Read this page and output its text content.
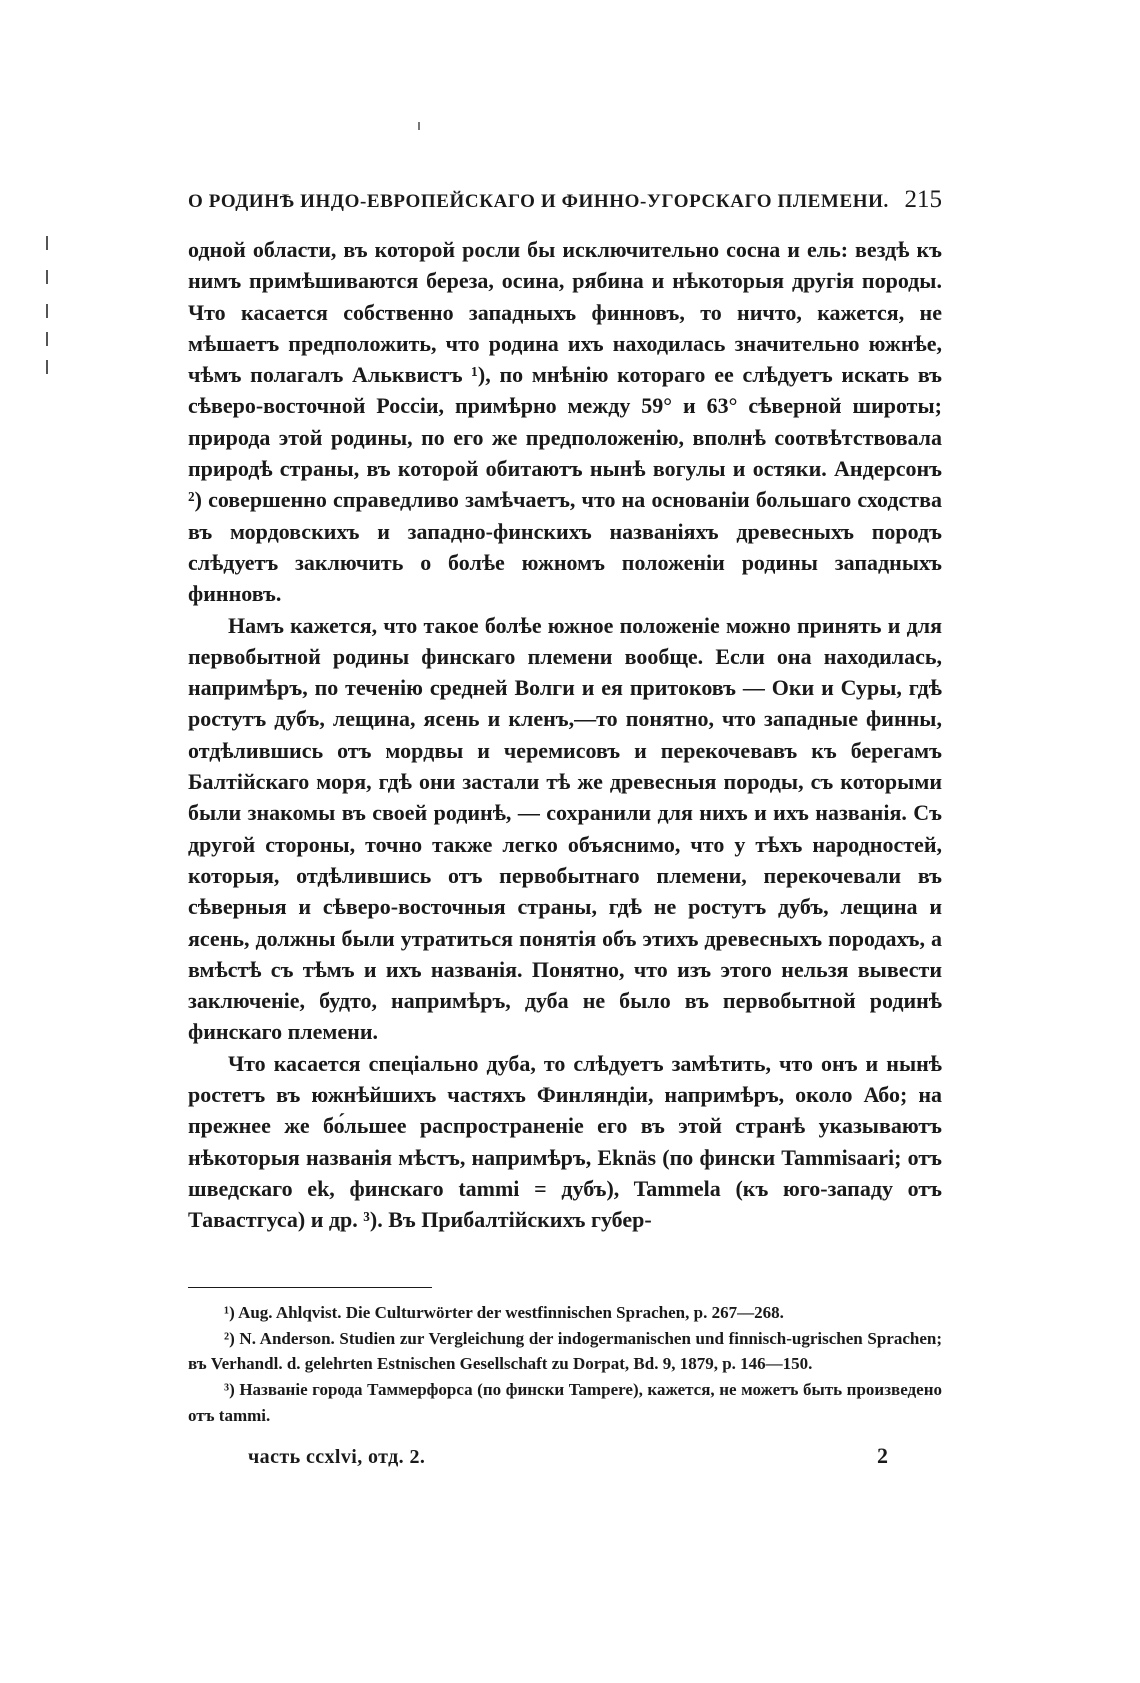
О РОДИНѢ ИНДО-ЕВРОПЕЙСКАГО И ФИННО-УГОРСКАГО ПЛЕМЕНИ. 215

одной области, въ которой росли бы исключительно сосна и ель: вездѣ къ нимъ примѣшиваются береза, осина, рябина и нѣкоторыя другія породы. Что касается собственно западныхъ финновъ, то ничто, кажется, не мѣшаетъ предположить, что родина ихъ находилась значительно южнѣе, чѣмъ полагалъ Альквистъ ¹), по мнѣнію котораго ее слѣдуетъ искать въ сѣверо-восточной Россіи, примѣрно между 59° и 63° сѣверной широты; природа этой родины, по его же предположенію, вполнѣ соотвѣтствовала природѣ страны, въ которой обитаютъ нынѣ вогулы и остяки. Андерсонъ ²) совершенно справедливо замѣчаетъ, что на основаніи большаго сходства въ мордовскихъ и западно-финскихъ названіяхъ древесныхъ породъ слѣдуетъ заключить о болѣе южномъ положеніи родины западныхъ финновъ.

Намъ кажется, что такое болѣе южное положеніе можно принять и для первобытной родины финскаго племени вообще. Если она находилась, напримѣръ, по теченію средней Волги и ея притоковъ — Оки и Суры, гдѣ ростутъ дубъ, лещина, ясень и кленъ,—то понятно, что западные финны, отдѣлившись отъ мордвы и черемисовъ и перекочевавъ къ берегамъ Балтійскаго моря, гдѣ они застали тѣ же древесныя породы, съ которыми были знакомы въ своей родинѣ, — сохранили для нихъ и ихъ названія. Съ другой стороны, точно также легко объяснимо, что у тѣхъ народностей, которыя, отдѣлившись отъ первобытнаго племени, перекочевали въ сѣверныя и сѣверо-восточныя страны, гдѣ не ростутъ дубъ, лещина и ясень, должны были утратиться понятія объ этихъ древесныхъ породахъ, а вмѣстѣ съ тѣмъ и ихъ названія. Понятно, что изъ этого нельзя вывести заключеніе, будто, напримѣръ, дуба не было въ первобытной родинѣ финскаго племени.

Что касается спеціально дуба, то слѣдуетъ замѣтить, что онъ и нынѣ ростетъ въ южнѣйшихъ частяхъ Финляндіи, напримѣръ, около Або; на прежнее же бо́льшее распространеніе его въ этой странѣ указываютъ нѣкоторыя названія мѣстъ, напримѣръ, Eknäs (по фински Tammisaari; отъ шведскаго ek, финскаго tammi = дубъ), Tammela (къ юго-западу отъ Тавастгуса) и др. ³). Въ Прибалтійскихъ губер-

¹) Aug. Ahlqvist. Die Culturwörter der westfinnischen Sprachen, p. 267—268.

²) N. Anderson. Studien zur Vergleichung der indogermanischen und finnisch-ugrischen Sprachen; въ Verhandl. d. gelehrten Estnischen Gesellschaft zu Dorpat, Bd. 9, 1879, p. 146—150.

³) Названіе города Таммерфорса (по фински Tampere), кажется, не можетъ быть произведено отъ tammi.

часть ccxlvi, отд. 2.	2
